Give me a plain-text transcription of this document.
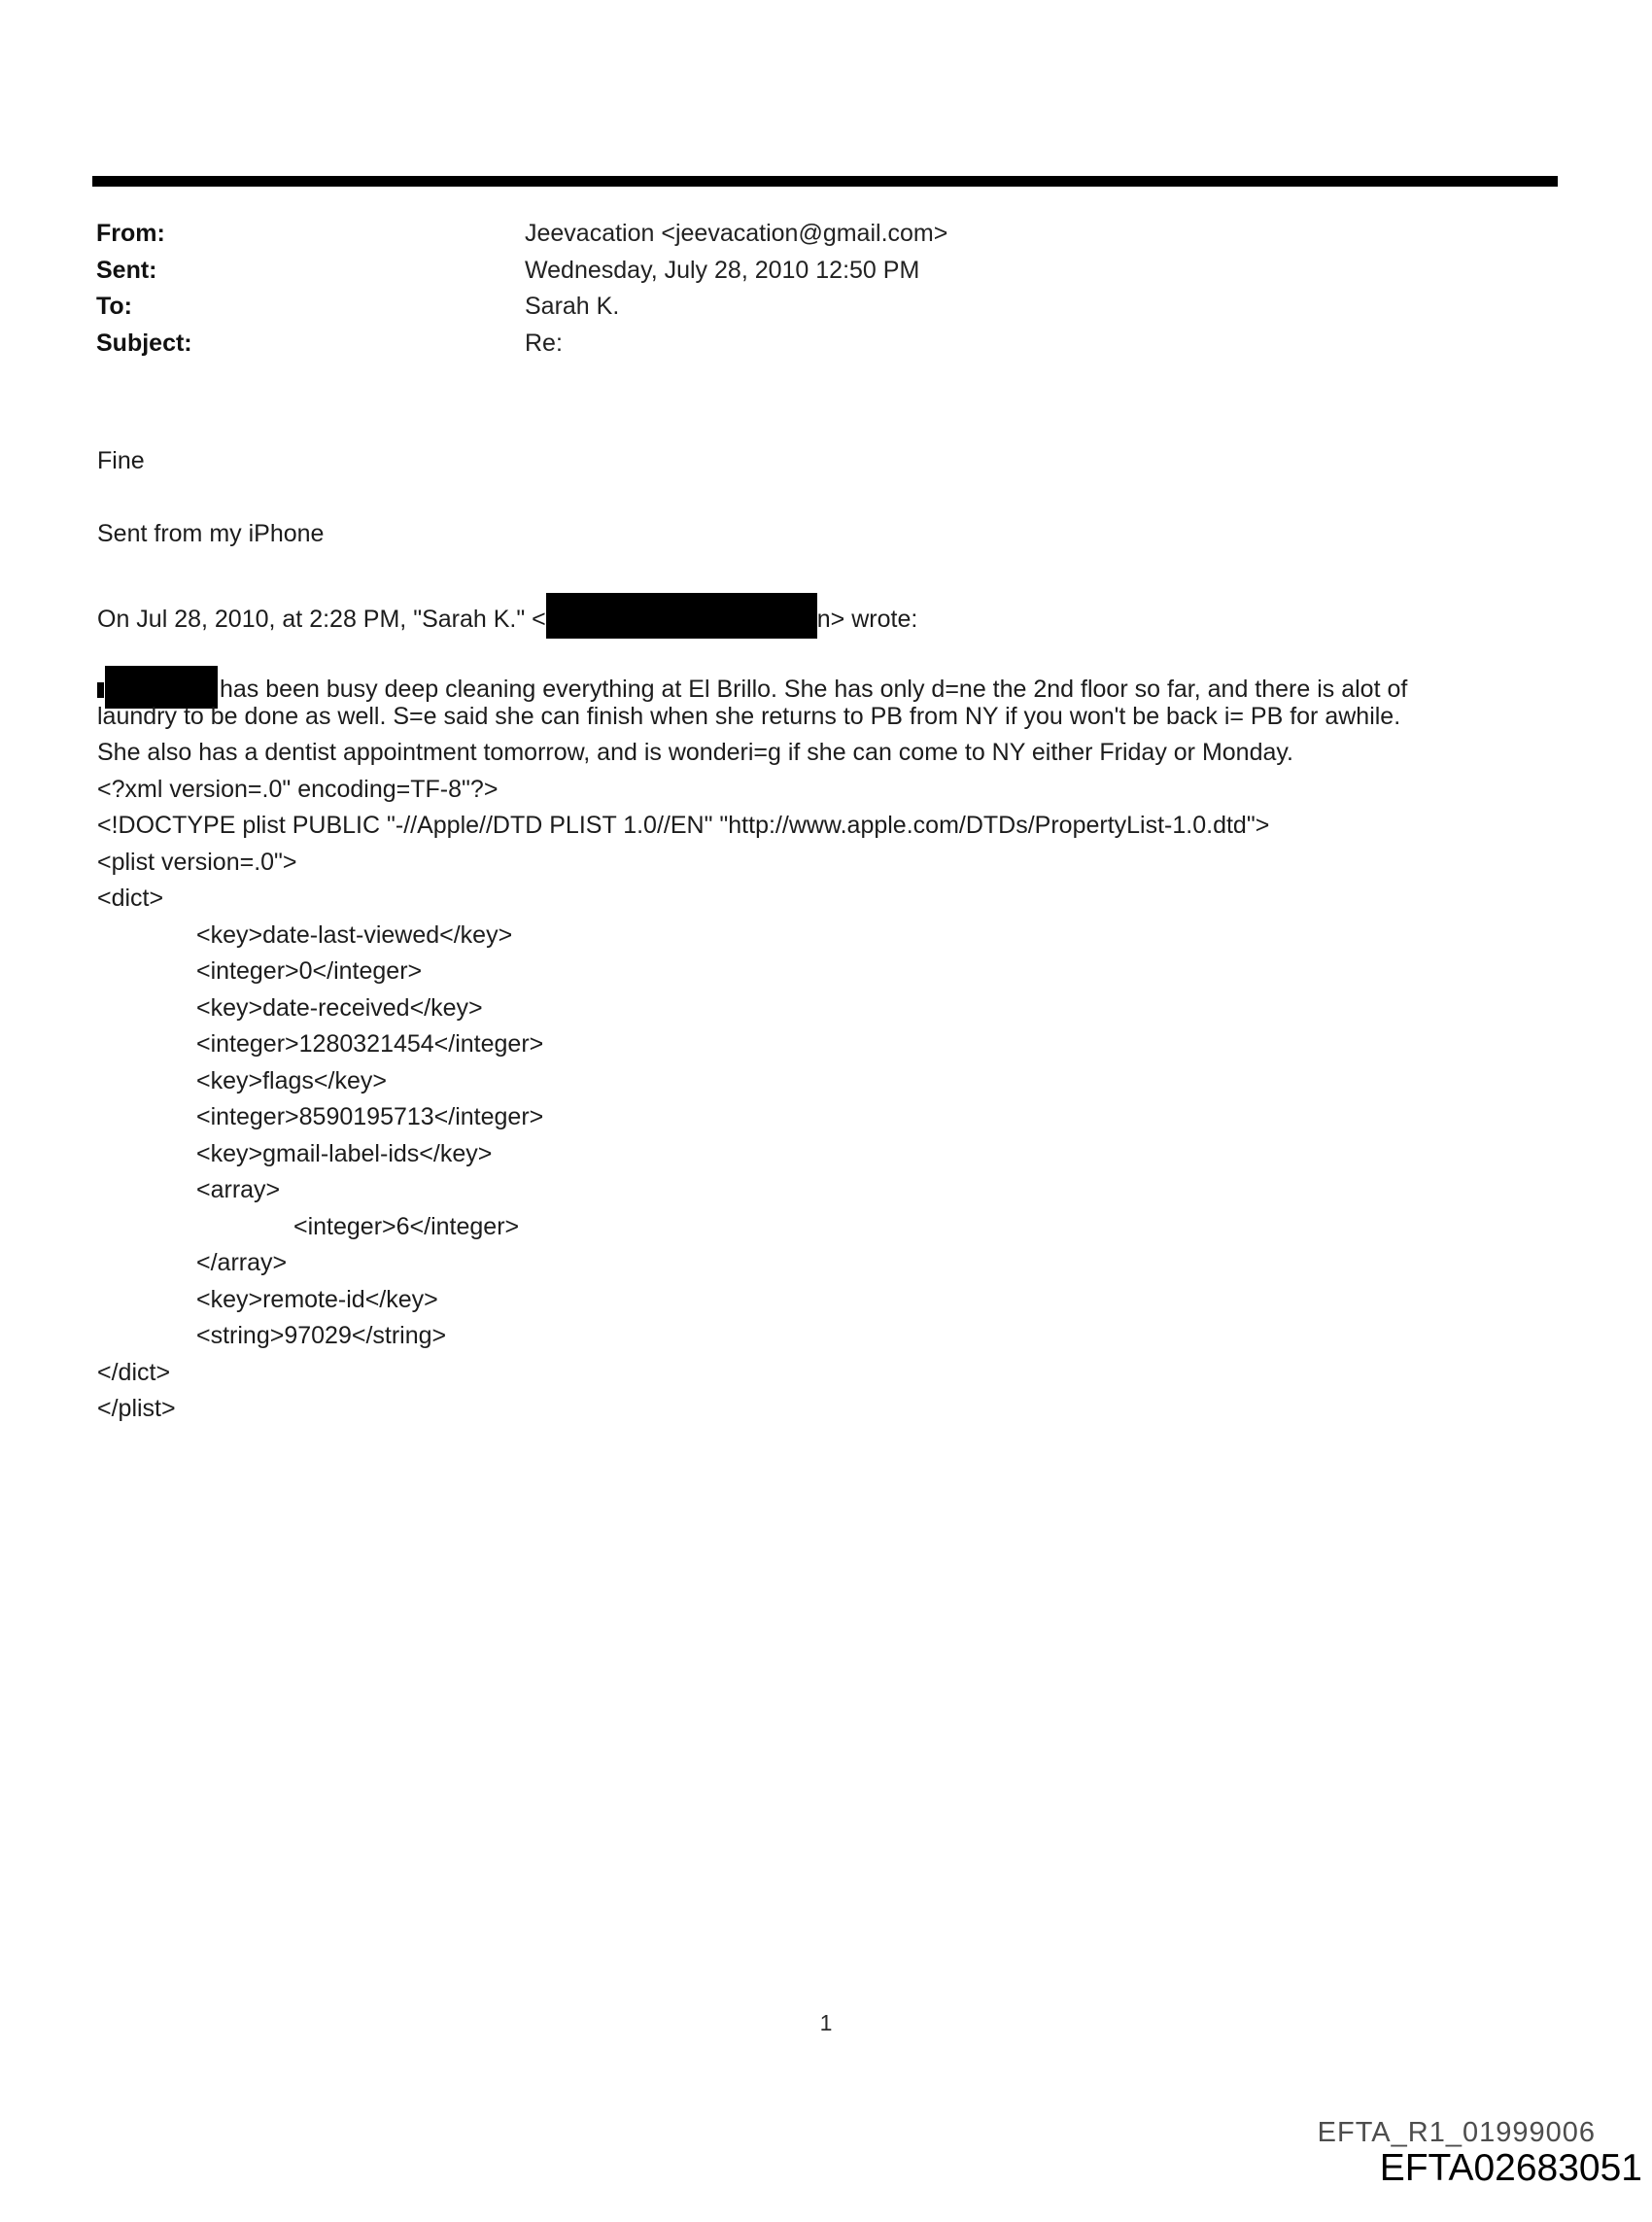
From:	Jeevacation <jeevacation@gmail.com>
Sent:	Wednesday, July 28, 2010 12:50 PM
To:	Sarah K.
Subject:	Re:
Fine
Sent from my iPhone
On Jul 28, 2010, at 2:28 PM, "Sarah K." <	n> wrote:
has been busy deep cleaning everything at El Brillo. She has only d=ne the 2nd floor so far, and there is alot of
laundry to be done as well. S=e said she can finish when she returns to PB from NY if you won't be back i= PB for awhile.
She also has a dentist appointment tomorrow, and is wonderi=g if she can come to NY either Friday or Monday.
<?xml version=.0" encoding=TF-8"?>
<!DOCTYPE plist PUBLIC "-//Apple//DTD PLIST 1.0//EN" "http://www.apple.com/DTDs/PropertyList-1.0.dtd">
<plist version=.0">
<dict>
<key>date-last-viewed</key>
<integer>0</integer>
<key>date-received</key>
<integer>1280321454</integer>
<key>flags</key>
<integer>8590195713</integer>
<key>gmail-label-ids</key>
<array>
<integer>6</integer>
</array>
<key>remote-id</key>
<string>97029</string>
</dict>
</plist>
1
EFTA_R1_01999006
EFTA02683051
